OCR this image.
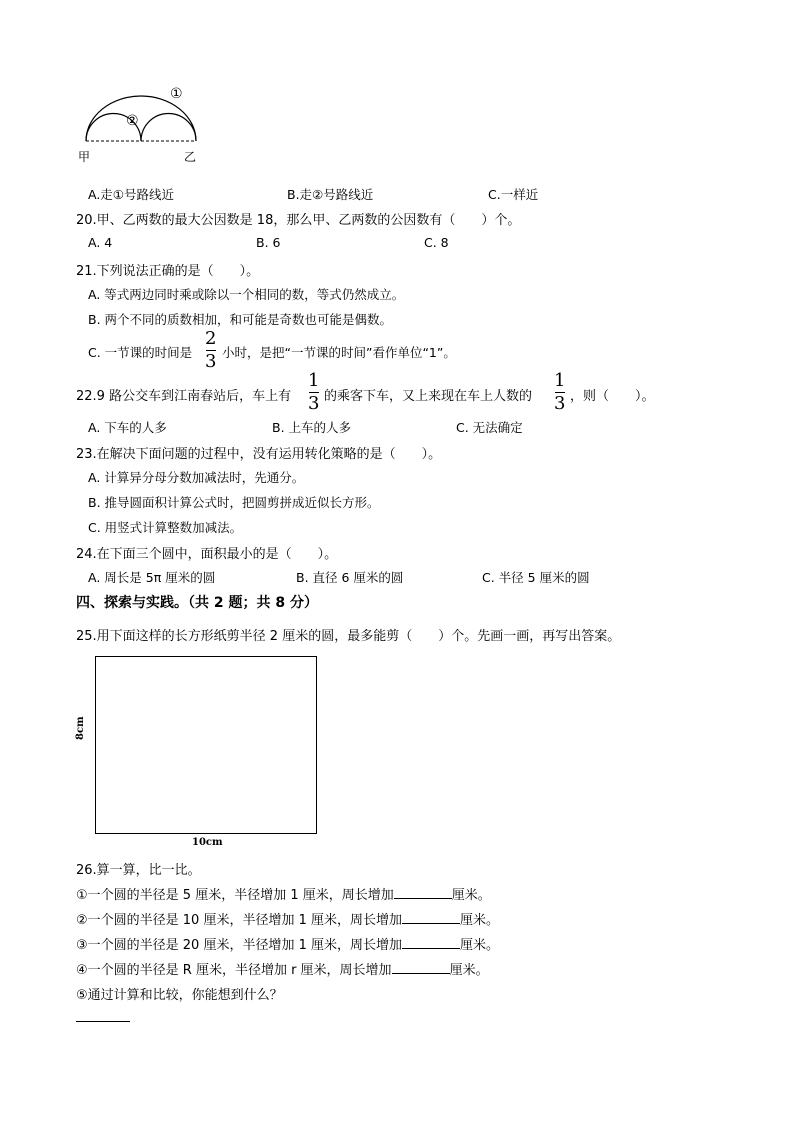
①
②
甲	乙
A.走①号路线近	B.走②号路线近	C.一样近
20.甲、乙两数的最大公因数是 18，那么甲、乙两数的公因数有（　　）个。
A. 4	B. 6	C. 8
21.下列说法正确的是（　　）。
A. 等式两边同时乘或除以一个相同的数，等式仍然成立。
B. 两个不同的质数相加，和可能是奇数也可能是偶数。
C. 一节课的时间是
2
3 小时，是把“一节课的时间”看作单位“1”。
22.9 路公交车到江南春站后，车上有
1
3 的乘客下车，又上来现在车上人数的
1
3 ，则（　　）。
A. 下车的人多	B. 上车的人多	C. 无法确定
23.在解决下面问题的过程中，没有运用转化策略的是（　　）。
A. 计算异分母分数加减法时，先通分。
B. 推导圆面积计算公式时，把圆剪拼成近似长方形。
C. 用竖式计算整数加减法。
24.在下面三个圆中，面积最小的是（　　）。
A. 周长是 5π 厘米的圆	B. 直径 6 厘米的圆	C. 半径 5 厘米的圆
四、探索与实践。（共 2 题；共 8 分）
25.用下面这样的长方形纸剪半径 2 厘米的圆，最多能剪（　　）个。先画一画，再写出答案。
8cm
10cm
26.算一算，比一比。
①一个圆的半径是 5 厘米，半径增加 1 厘米，周长增加	厘米。
②一个圆的半径是 10 厘米，半径增加 1 厘米，周长增加	厘米。
③一个圆的半径是 20 厘米，半径增加 1 厘米，周长增加	厘米。
④一个圆的半径是 R 厘米，半径增加 r 厘米，周长增加	厘米。
⑤通过计算和比较，你能想到什么？
